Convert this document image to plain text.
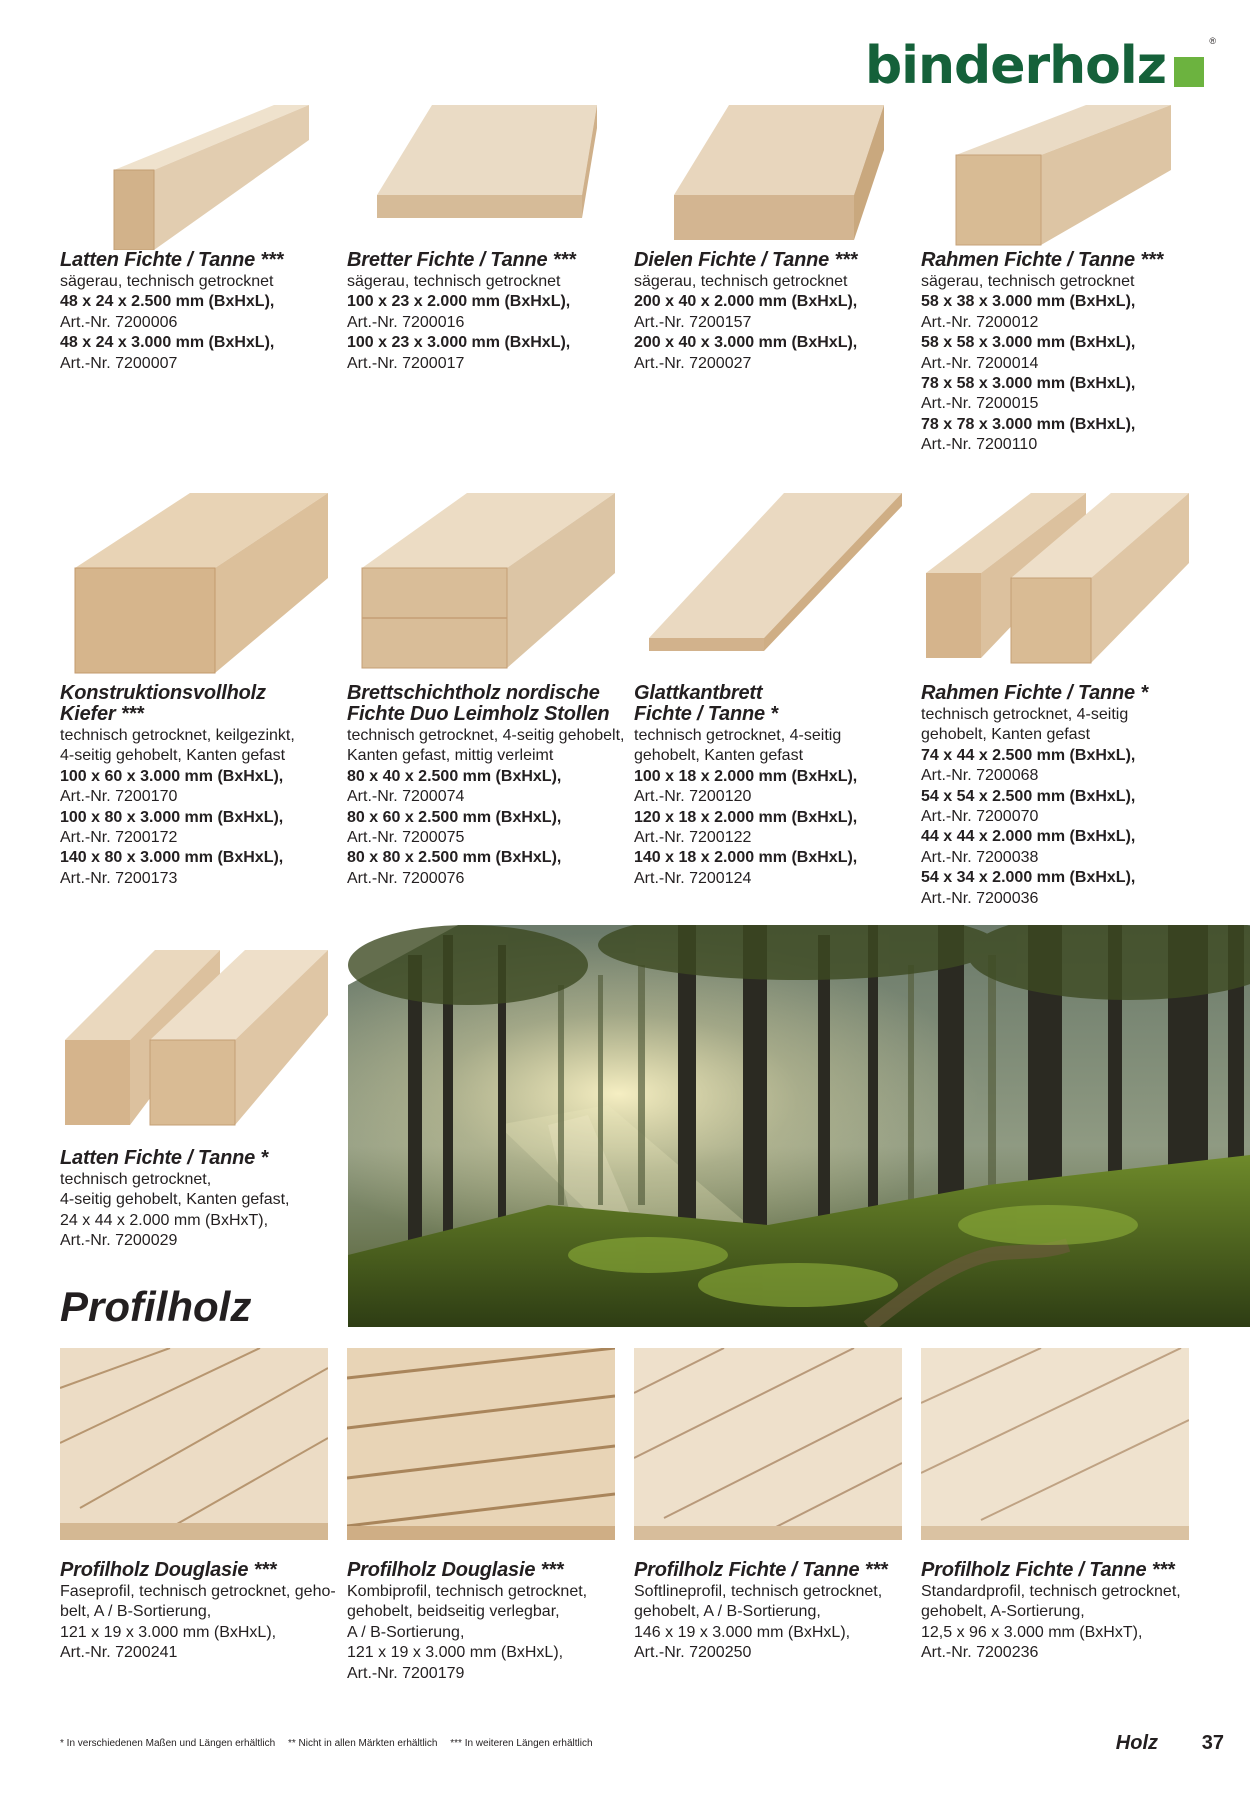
binderholz	®
Latten Fichte / Tanne ***
sägerau, technisch getrocknet
48 x 24 x 2.500 mm (BxHxL),
Art.-Nr. 7200006
48 x 24 x 3.000 mm (BxHxL),
Art.-Nr. 7200007
Bretter Fichte / Tanne ***
sägerau, technisch getrocknet
100 x 23 x 2.000 mm (BxHxL),
Art.-Nr. 7200016
100 x 23 x 3.000 mm (BxHxL),
Art.-Nr. 7200017
Dielen Fichte / Tanne ***
sägerau, technisch getrocknet
200 x 40 x 2.000 mm (BxHxL),
Art.-Nr. 7200157
200 x 40 x 3.000 mm (BxHxL),
Art.-Nr. 7200027
Rahmen Fichte / Tanne ***
sägerau, technisch getrocknet
58 x 38 x 3.000 mm (BxHxL),
Art.-Nr. 7200012
58 x 58 x 3.000 mm (BxHxL),
Art.-Nr. 7200014
78 x 58 x 3.000 mm (BxHxL),
Art.-Nr. 7200015
78 x 78 x 3.000 mm (BxHxL),
Art.-Nr. 7200110
Konstruktionsvollholz
Kiefer ***
technisch getrocknet, keilgezinkt,
4-seitig gehobelt, Kanten gefast
100 x 60 x 3.000 mm (BxHxL),
Art.-Nr. 7200170
100 x 80 x 3.000 mm (BxHxL),
Art.-Nr. 7200172
140 x 80 x 3.000 mm (BxHxL),
Art.-Nr. 7200173
Brettschichtholz nordische
Fichte Duo Leimholz Stollen
technisch getrocknet, 4-seitig gehobelt,
Kanten gefast, mittig verleimt
80 x 40 x 2.500 mm (BxHxL),
Art.-Nr. 7200074
80 x 60 x 2.500 mm (BxHxL),
Art.-Nr. 7200075
80 x 80 x 2.500 mm (BxHxL),
Art.-Nr. 7200076
Glattkantbrett
Fichte / Tanne *
technisch getrocknet, 4-seitig
gehobelt, Kanten gefast
100 x 18 x 2.000 mm (BxHxL),
Art.-Nr. 7200120
120 x 18 x 2.000 mm (BxHxL),
Art.-Nr. 7200122
140 x 18 x 2.000 mm (BxHxL),
Art.-Nr. 7200124
Rahmen Fichte / Tanne *
technisch getrocknet, 4-seitig
gehobelt, Kanten gefast
74 x 44 x 2.500 mm (BxHxL),
Art.-Nr. 7200068
54 x 54 x 2.500 mm (BxHxL),
Art.-Nr. 7200070
44 x 44 x 2.000 mm (BxHxL),
Art.-Nr. 7200038
54 x 34 x 2.000 mm (BxHxL),
Art.-Nr. 7200036
Latten Fichte / Tanne *
technisch getrocknet,
4-seitig gehobelt, Kanten gefast,
24 x 44 x 2.000 mm (BxHxT),
Art.-Nr. 7200029
Profilholz
Profilholz Douglasie ***
Faseprofil, technisch getrocknet, geho-
belt, A / B-Sortierung,
121 x 19 x 3.000 mm (BxHxL),
Art.-Nr. 7200241
Profilholz Douglasie ***
Kombiprofil, technisch getrocknet,
gehobelt, beidseitig verlegbar,
A / B-Sortierung,
121 x 19 x 3.000 mm (BxHxL),
Art.-Nr. 7200179
Profilholz Fichte / Tanne ***
Softlineprofil, technisch getrocknet,
gehobelt, A / B-Sortierung,
146 x 19 x 3.000 mm (BxHxL),
Art.-Nr. 7200250
Profilholz Fichte / Tanne ***
Standardprofil, technisch getrocknet,
gehobelt, A-Sortierung,
12,5 x 96 x 3.000 mm (BxHxT),
Art.-Nr. 7200236
* In verschiedenen Maßen und Längen erhältlich ** Nicht in allen Märkten erhältlich *** In weiteren Längen erhältlich	Holz 37
